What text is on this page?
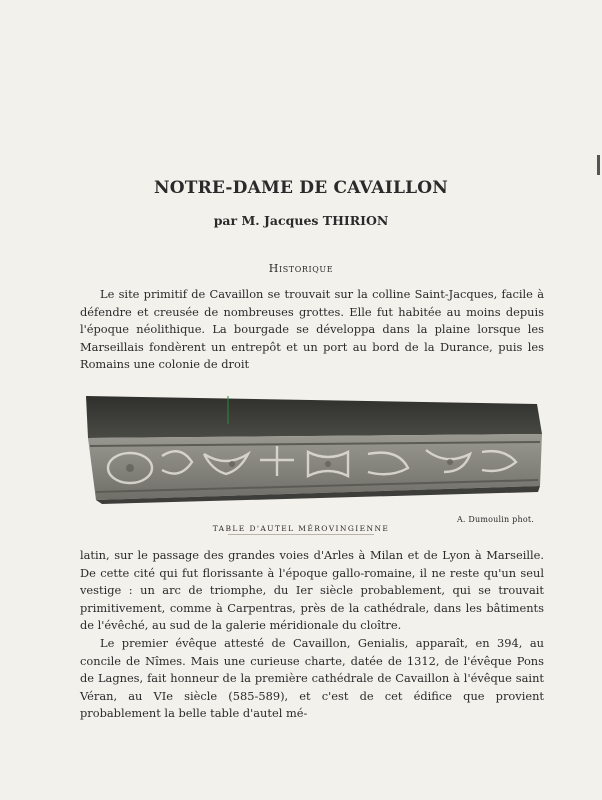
NOTRE-DAME DE CAVAILLON
par M. Jacques THIRION
Historique

Le site primitif de Cavaillon se trouvait sur la colline Saint-Jacques, facile à défendre et creusée de nombreuses grottes. Elle fut habitée au moins depuis l'époque néolithique. La bourgade se développa dans la plaine lorsque les Marseillais fondèrent un entrepôt et un port au bord de la Durance, puis les Romains une colonie de droit

A. Dumoulin phot.
TABLE D'AUTEL MÉROVINGIENNE

latin, sur le passage des grandes voies d'Arles à Milan et de Lyon à Marseille. De cette cité qui fut florissante à l'époque gallo-romaine, il ne reste qu'un seul vestige : un arc de triomphe, du Ier siècle probablement, qui se trouvait primitivement, comme à Carpentras, près de la cathédrale, dans les bâtiments de l'évêché, au sud de la galerie méridionale du cloître.

Le premier évêque attesté de Cavaillon, Genialis, apparaît, en 394, au concile de Nîmes. Mais une curieuse charte, datée de 1312, de l'évêque Pons de Lagnes, fait honneur de la première cathédrale de Cavaillon à l'évêque saint Véran, au VIe siècle (585-589), et c'est de cet édifice que provient probablement la belle table d'autel mé-
